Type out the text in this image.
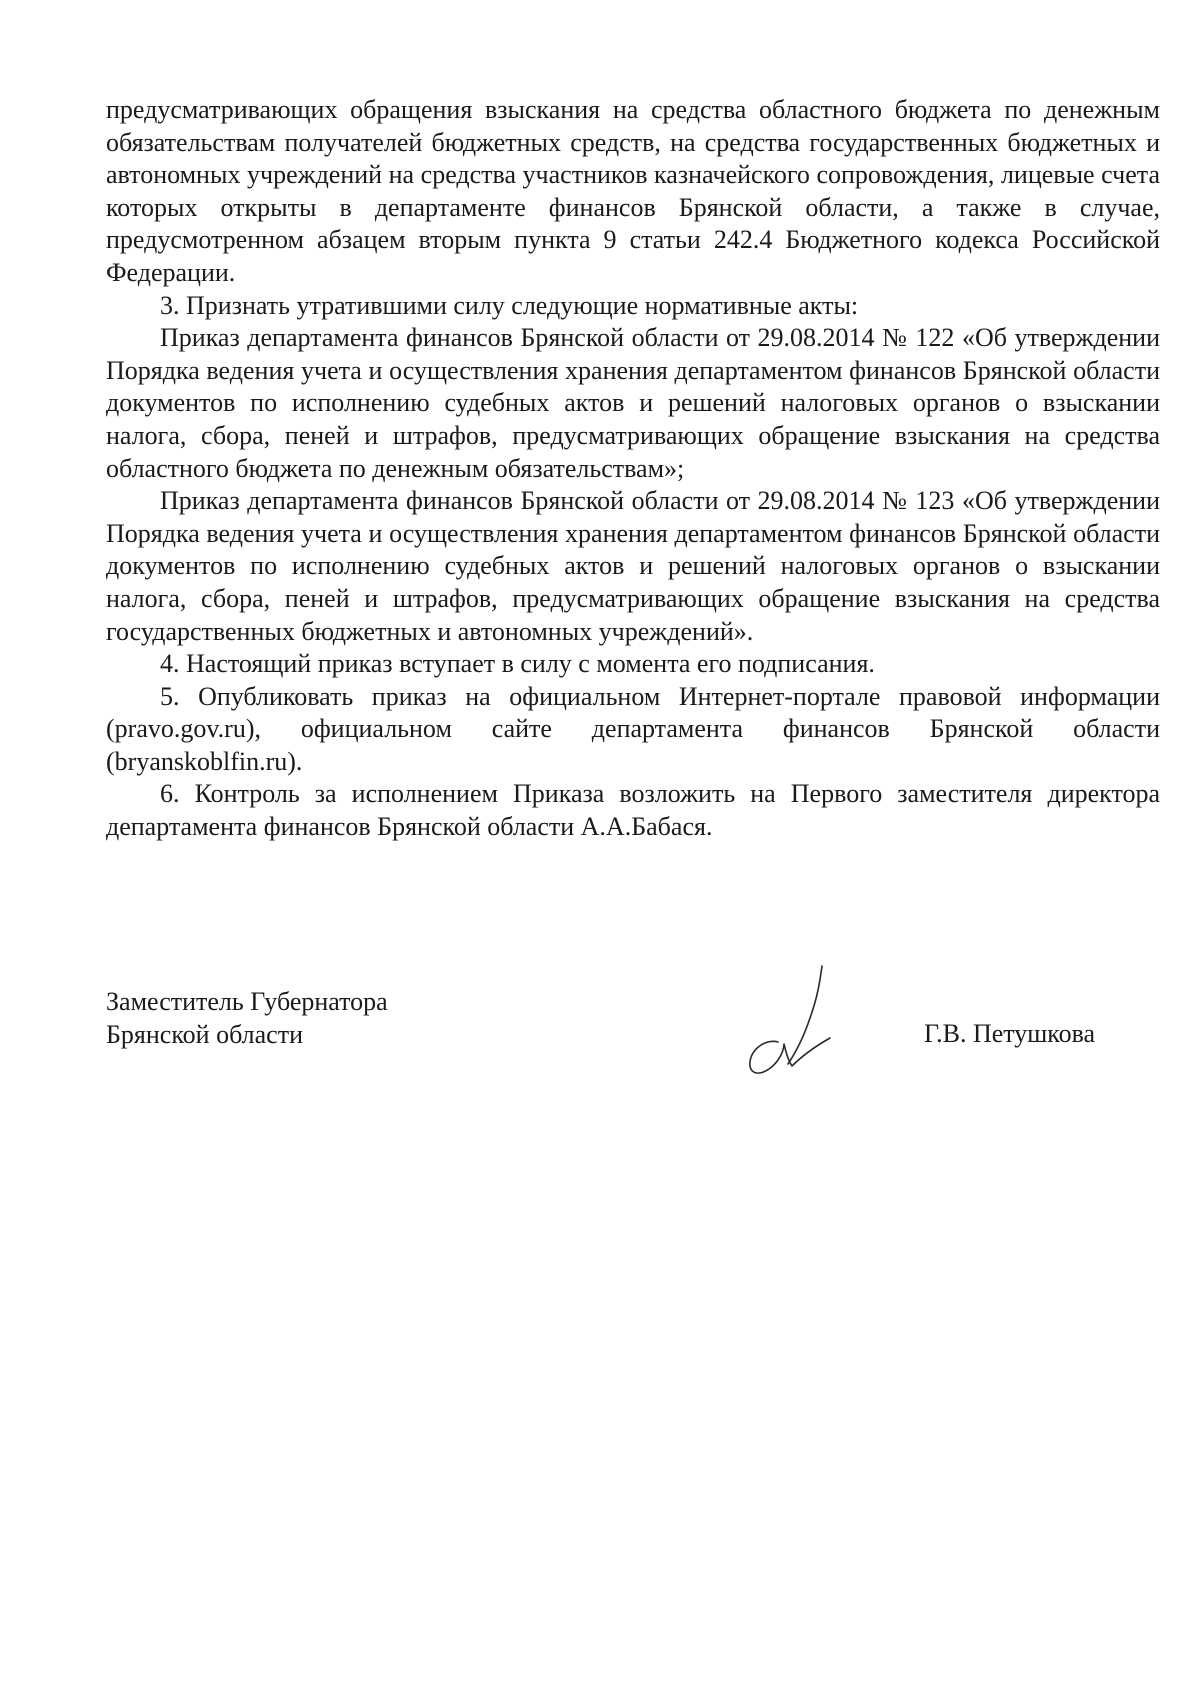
предусматривающих обращения взыскания на средства областного бюджета по денежным обязательствам получателей бюджетных средств, на средства государственных бюджетных и автономных учреждений на средства участников казначейского сопровождения, лицевые счета которых открыты в департаменте финансов Брянской области, а также в случае, предусмотренном абзацем вторым пункта 9 статьи 242.4 Бюджетного кодекса Российской Федерации.

3. Признать утратившими силу следующие нормативные акты:

Приказ департамента финансов Брянской области от 29.08.2014 № 122 «Об утверждении Порядка ведения учета и осуществления хранения департаментом финансов Брянской области документов по исполнению судебных актов и решений налоговых органов о взыскании налога, сбора, пеней и штрафов, предусматривающих обращение взыскания на средства областного бюджета по денежным обязательствам»;

Приказ департамента финансов Брянской области от 29.08.2014 № 123 «Об утверждении Порядка ведения учета и осуществления хранения департаментом финансов Брянской области документов по исполнению судебных актов и решений налоговых органов о взыскании налога, сбора, пеней и штрафов, предусматривающих обращение взыскания на средства государственных бюджетных и автономных учреждений».

4. Настоящий приказ вступает в силу с момента его подписания.

5. Опубликовать приказ на официальном Интернет-портале правовой информации (pravo.gov.ru), официальном сайте департамента финансов Брянской области (bryanskoblfin.ru).

6. Контроль за исполнением Приказа возложить на Первого заместителя директора департамента финансов Брянской области А.А.Бабася.

Заместитель Губернатора
Брянской области	Г.В. Петушкова
